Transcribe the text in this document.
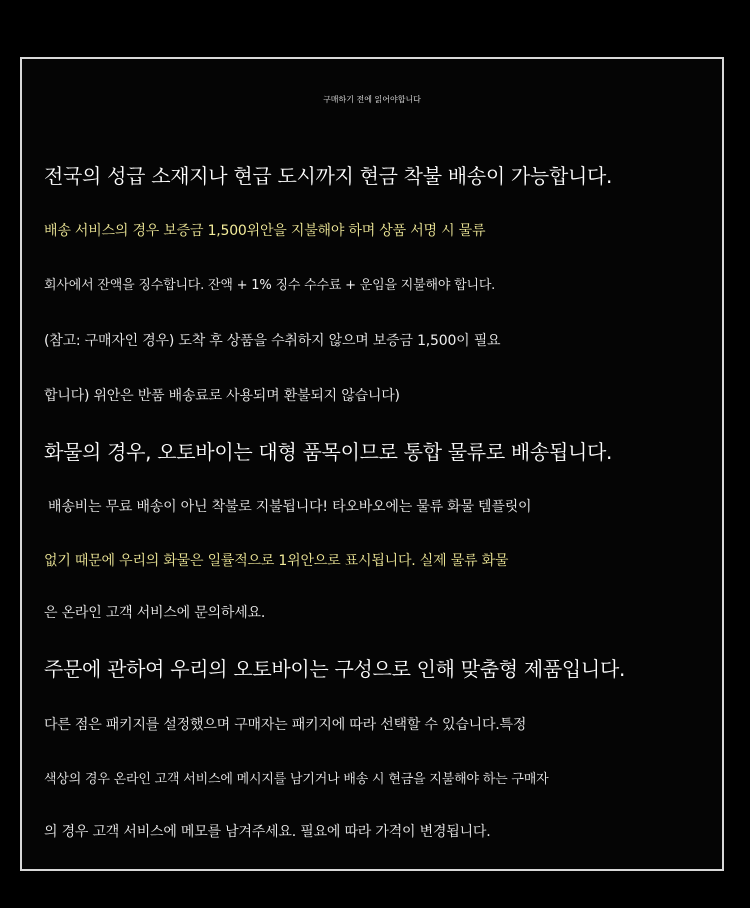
구매하기 전에 읽어야합니다
전국의 성급 소재지나 현급 도시까지 현금 착불 배송이 가능합니다.
배송 서비스의 경우 보증금 1,500위안을 지불해야 하며 상품 서명 시 물류
회사에서 잔액을 징수합니다. 잔액 + 1% 징수 수수료 + 운임을 지불해야 합니다.
(참고: 구매자인 경우) 도착 후 상품을 수취하지 않으며 보증금 1,500이 필요
합니다) 위안은 반품 배송료로 사용되며 환불되지 않습니다)
화물의 경우, 오토바이는 대형 품목이므로 통합 물류로 배송됩니다.
배송비는 무료 배송이 아닌 착불로 지불됩니다! 타오바오에는 물류 화물 템플릿이
없기 때문에 우리의 화물은 일률적으로 1위안으로 표시됩니다. 실제 물류 화물
은 온라인 고객 서비스에 문의하세요.
주문에 관하여 우리의 오토바이는 구성으로 인해 맞춤형 제품입니다.
다른 점은 패키지를 설정했으며 구매자는 패키지에 따라 선택할 수 있습니다.특정
색상의 경우 온라인 고객 서비스에 메시지를 남기거나 배송 시 현금을 지불해야 하는 구매자
의 경우 고객 서비스에 메모를 남겨주세요. 필요에 따라 가격이 변경됩니다.
